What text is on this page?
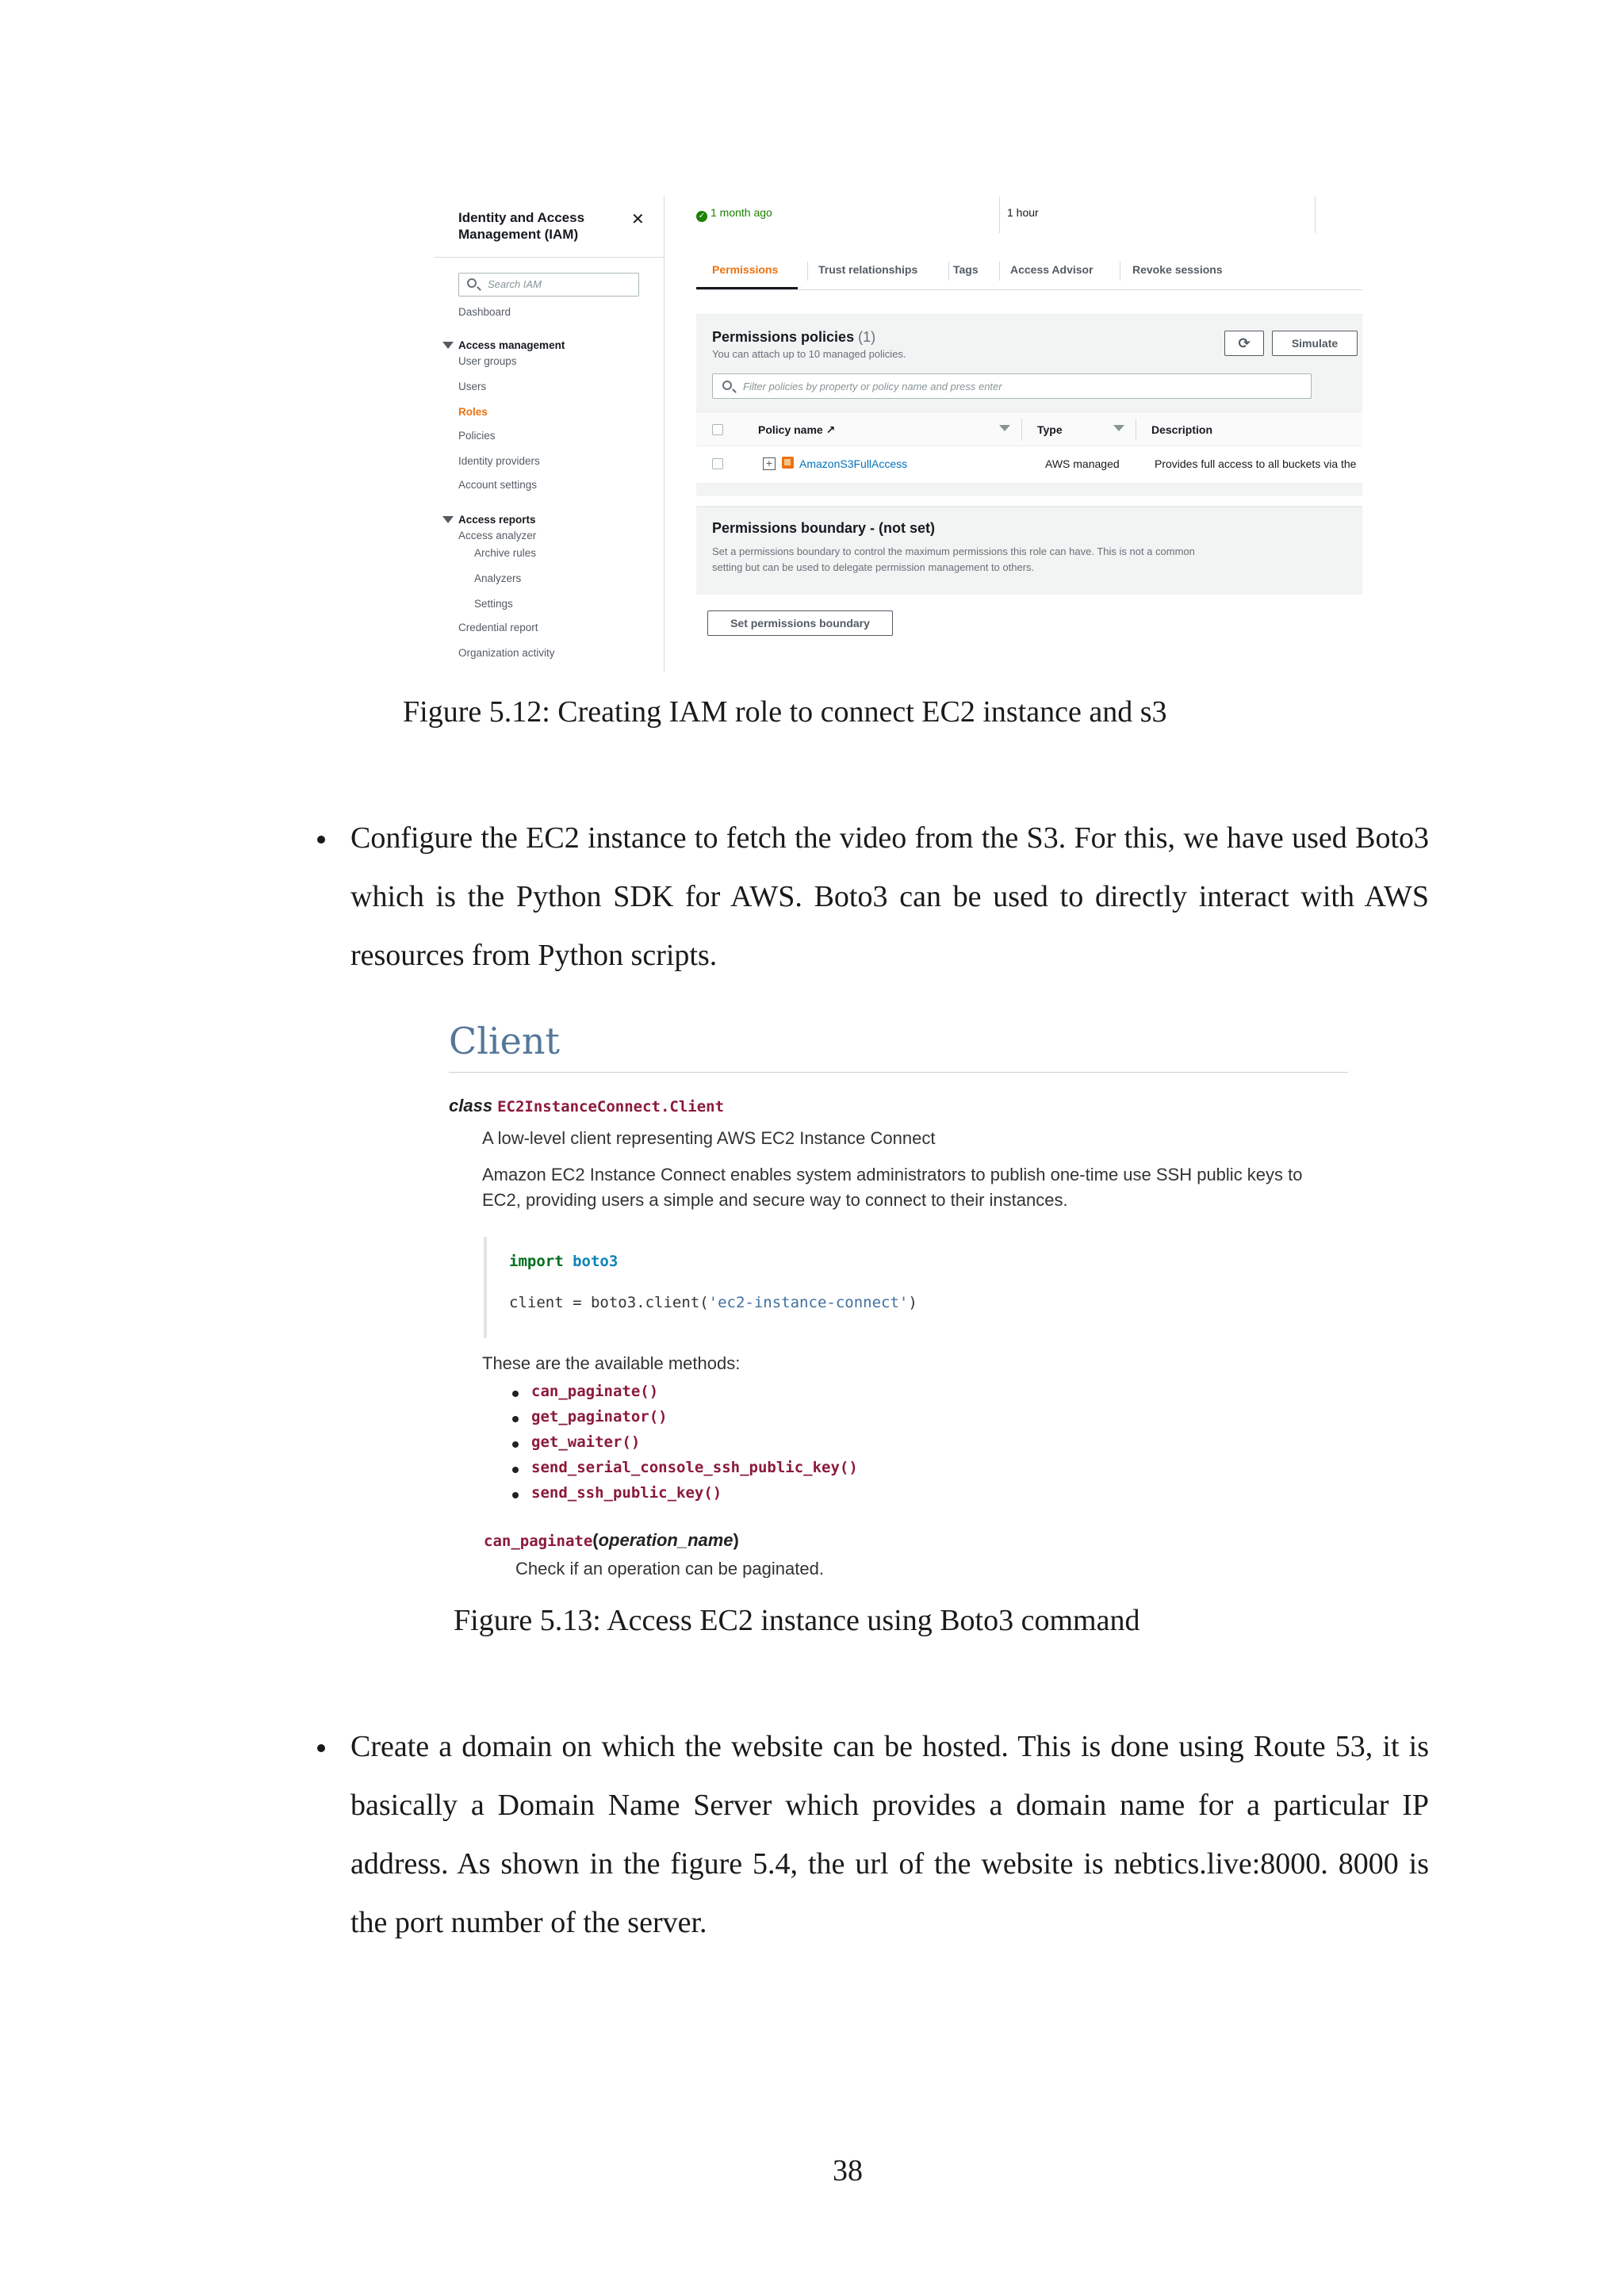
Identity and Access Management (IAM)
✕
Search IAM
Dashboard
Access management
User groups
Users
Roles
Policies
Identity providers
Account settings
Access reports
Access analyzer
Archive rules
Analyzers
Settings
Credential report
Organization activity
✓ 1 month ago	1 hour
Permissions	Trust relationships	Tags	Access Advisor	Revoke sessions
Permissions policies (1)
You can attach up to 10 managed policies.
⟳	Simulate
Filter policies by property or policy name and press enter
Policy name ↗	Type	Description
+ AmazonS3FullAccess	AWS managed	Provides full access to all buckets via the
Permissions boundary - (not set)
Set a permissions boundary to control the maximum permissions this role can have. This is not a common setting but can be used to delegate permission management to others.
Set permissions boundary
Figure 5.12: Creating IAM role to connect EC2 instance and s3
Configure the EC2 instance to fetch the video from the S3. For this, we have used Boto3 which is the Python SDK for AWS. Boto3 can be used to directly interact with AWS resources from Python scripts.
Client
class EC2InstanceConnect.Client
A low-level client representing AWS EC2 Instance Connect
Amazon EC2 Instance Connect enables system administrators to publish one-time use SSH public keys to
EC2, providing users a simple and secure way to connect to their instances.
import boto3
client = boto3.client('ec2-instance-connect')
These are the available methods:
can_paginate()
get_paginator()
get_waiter()
send_serial_console_ssh_public_key()
send_ssh_public_key()
can_paginate(operation_name)
Check if an operation can be paginated.
Figure 5.13: Access EC2 instance using Boto3 command
Create a domain on which the website can be hosted. This is done using Route 53, it is basically a Domain Name Server which provides a domain name for a particular IP address. As shown in the figure 5.4, the url of the website is nebtics.live:8000. 8000 is the port number of the server.
38
